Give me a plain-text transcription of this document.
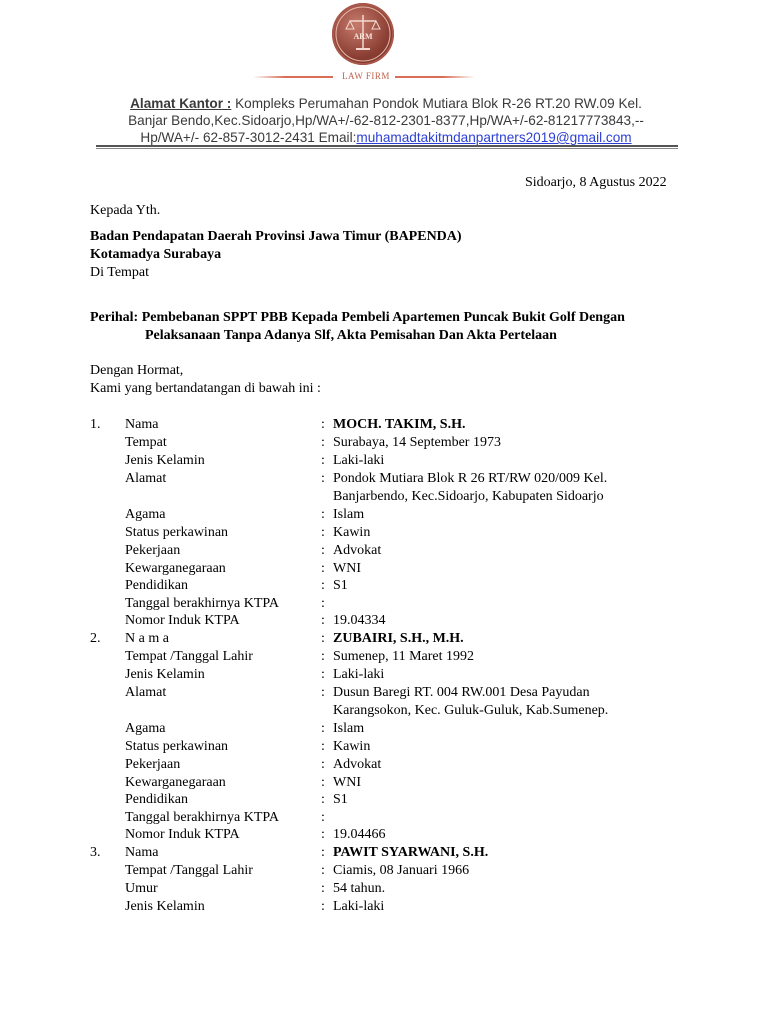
ARM
LAW FIRM
Alamat Kantor : Kompleks Perumahan Pondok Mutiara Blok R-26 RT.20 RW.09 Kel.
Banjar Bendo,Kec.Sidoarjo,Hp/WA+/-62-812-2301-8377,Hp/WA+/-62-81217773843,--
Hp/WA+/- 62-857-3012-2431 Email:muhamadtakitmdanpartners2019@gmail.com
Sidoarjo, 8 Agustus 2022
Kepada Yth.
Badan Pendapatan Daerah Provinsi Jawa Timur (BAPENDA)
Kotamadya Surabaya
Di Tempat
Perihal: Pembebanan SPPT PBB Kepada Pembeli Apartemen Puncak Bukit Golf Dengan
Pelaksanaan Tanpa Adanya Slf, Akta Pemisahan Dan Akta Pertelaan
Dengan Hormat,
Kami yang bertandatangan di bawah ini :
1. Nama	: MOCH. TAKIM, S.H.
Tempat	: Surabaya, 14 September 1973
Jenis Kelamin	: Laki-laki
Alamat	: Pondok Mutiara Blok R 26 RT/RW 020/009 Kel.
Banjarbendo, Kec.Sidoarjo, Kabupaten Sidoarjo
Agama	: Islam
Status perkawinan	: Kawin
Pekerjaan	: Advokat
Kewarganegaraan	: WNI
Pendidikan	: S1
Tanggal berakhirnya KTPA	:
Nomor Induk KTPA	: 19.04334
2. N a m a	: ZUBAIRI, S.H., M.H.
Tempat /Tanggal Lahir	: Sumenep, 11 Maret 1992
Jenis Kelamin	: Laki-laki
Alamat	: Dusun Baregi RT. 004 RW.001 Desa Payudan
Karangsokon, Kec. Guluk-Guluk, Kab.Sumenep.
Agama	: Islam
Status perkawinan	: Kawin
Pekerjaan	: Advokat
Kewarganegaraan	: WNI
Pendidikan	: S1
Tanggal berakhirnya KTPA	:
Nomor Induk KTPA	: 19.04466
3. Nama	: PAWIT SYARWANI, S.H.
Tempat /Tanggal Lahir	: Ciamis, 08 Januari 1966
Umur	: 54 tahun.
Jenis Kelamin	: Laki-laki
